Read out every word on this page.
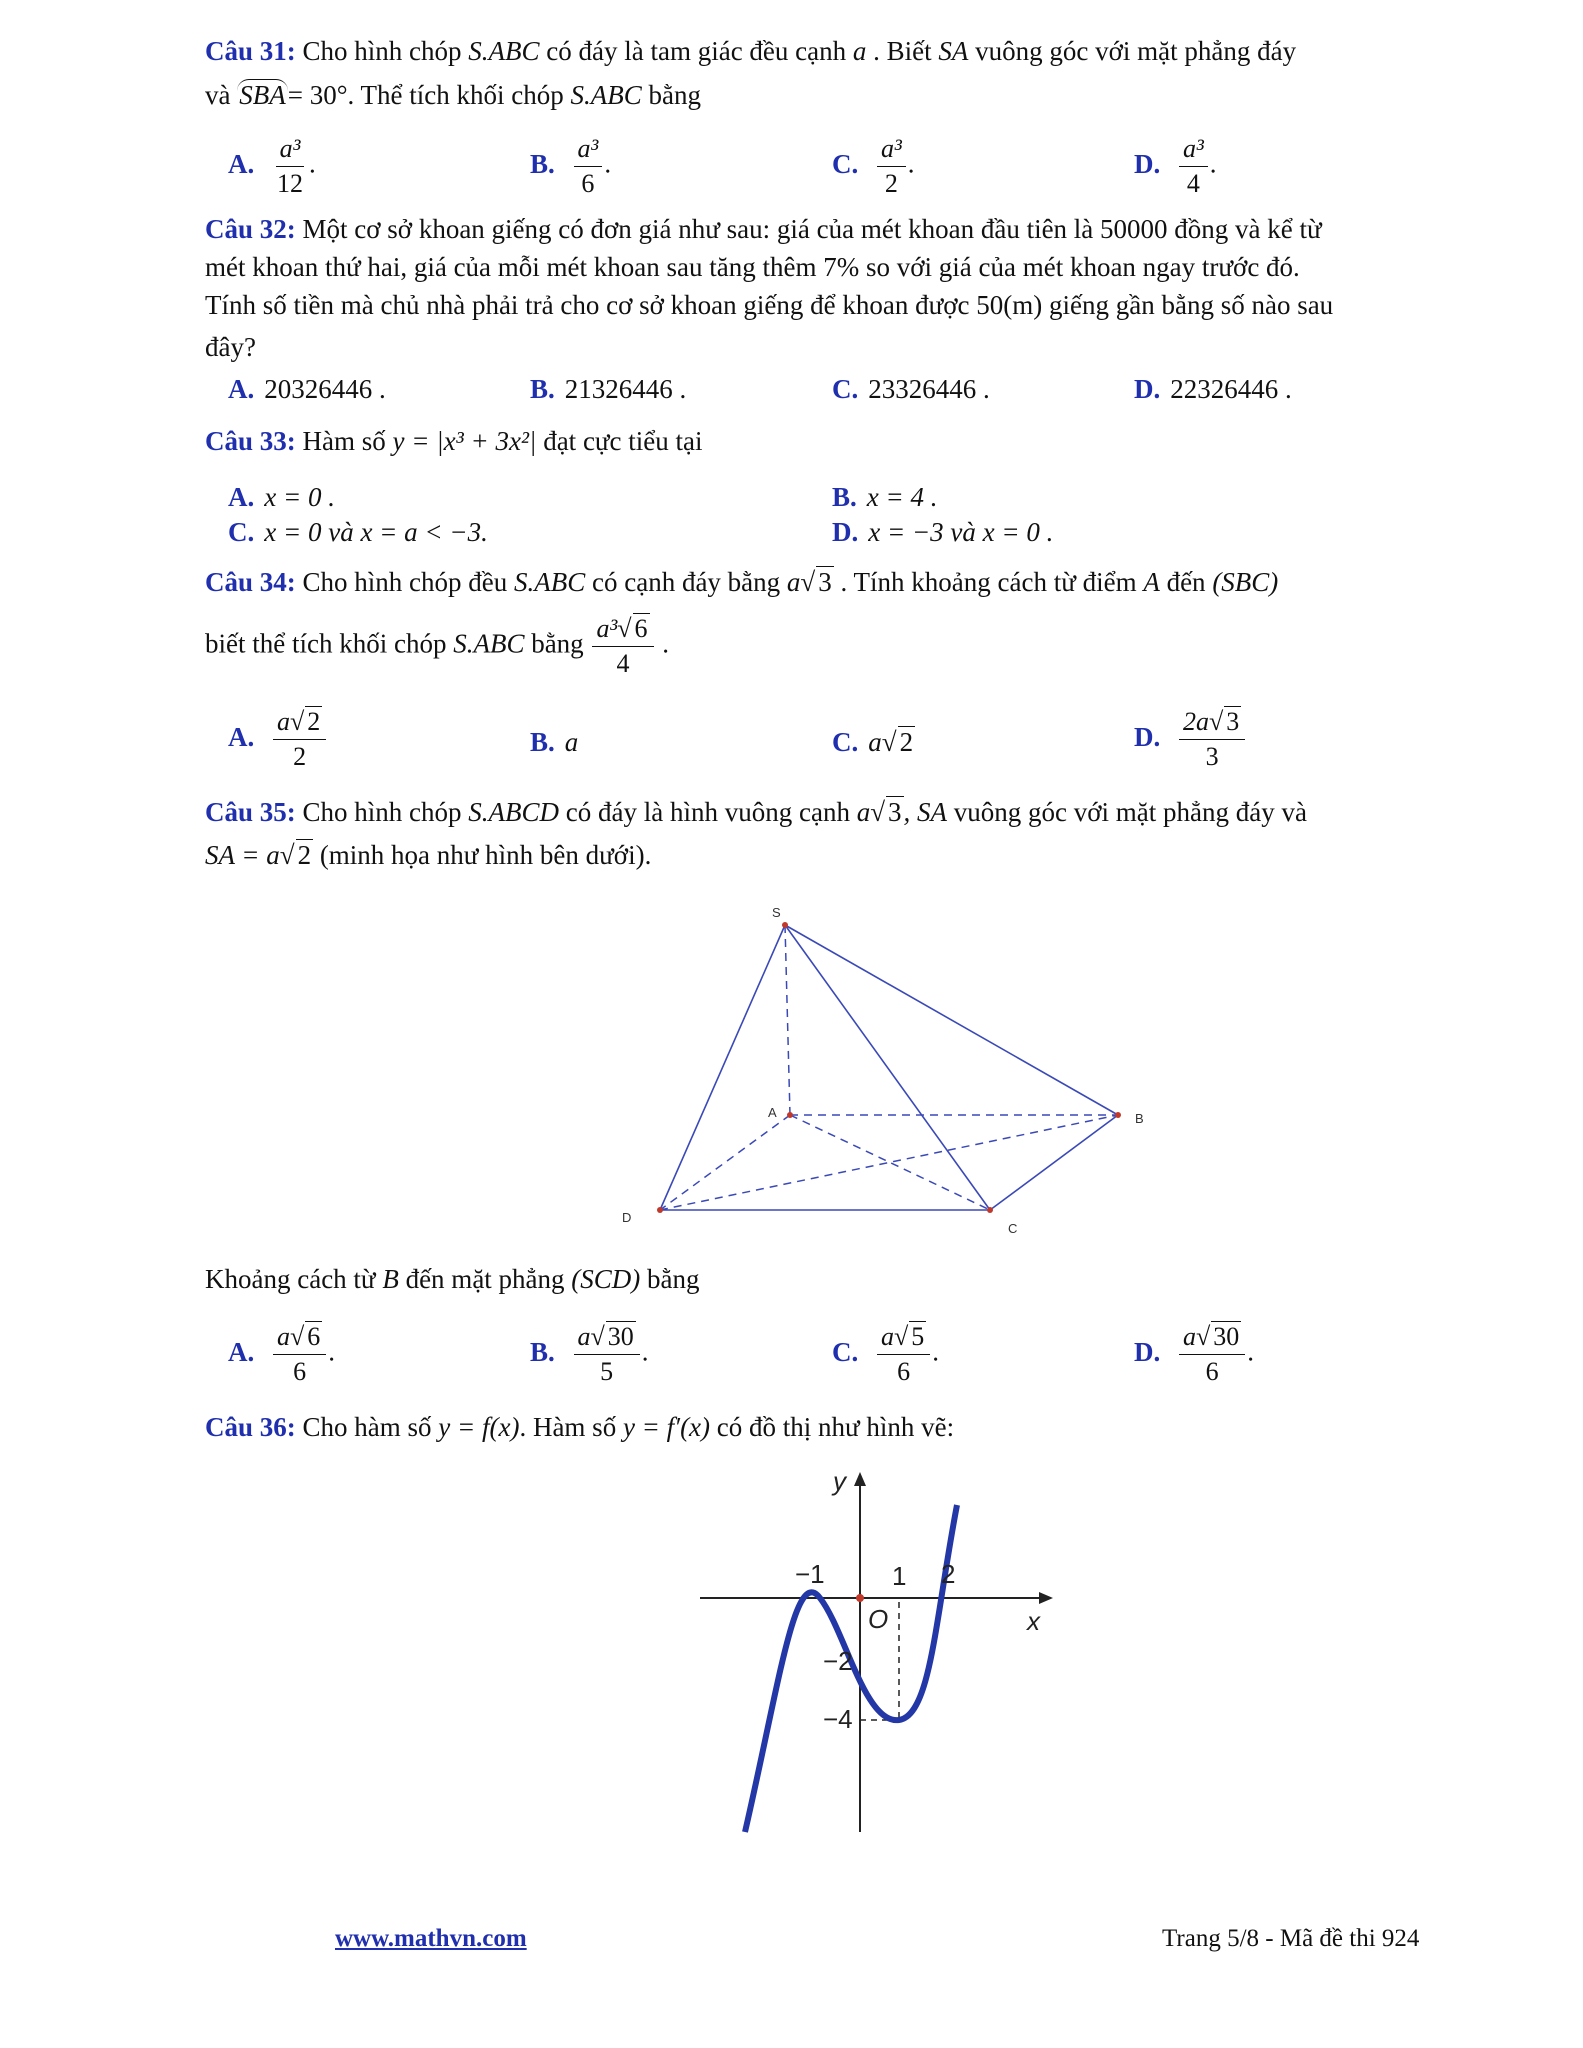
Câu 31: Cho hình chóp S.ABC có đáy là tam giác đều cạnh a . Biết SA vuông góc với mặt phẳng đáy
và SBA= 30°. Thể tích khối chóp S.ABC bằng
A. $\frac{\text{a³}}{12}$ .	B. $\frac{\text{a³}}{6}$ .	C. $\frac{\text{a³}}{2}$ .	D. $\frac{\text{a³}}{4}$ .
Câu 32: Một cơ sở khoan giếng có đơn giá như sau: giá của mét khoan đầu tiên là 50000 đồng và kể từ
mét khoan thứ hai, giá của mỗi mét khoan sau tăng thêm 7% so với giá của mét khoan ngay trước đó.
Tính số tiền mà chủ nhà phải trả cho cơ sở khoan giếng để khoan được 50(m) giếng gần bằng số nào sau
đây?
A. 20326446 .	B. 21326446 .	C. 23326446 .	D. 22326446 .
Câu 33: Hàm số y = |x³ + 3x²| đạt cực tiểu tại
A. x = 0 .	B. x = 4 .
C. x = 0 và x = a < −3.	D. x = −3 và x = 0 .
Câu 34: Cho hình chóp đều S.ABC có cạnh đáy bằng a√ 3 . Tính khoảng cách từ điểm A đến (SBC)
biết thể tích khối chóp S.ABC bằng $\frac{\text{a³√ 6}}{4}$ .
A. $\frac{a√ 2}{2}$	B. a	C. a√ 2	D. $\frac{2a√ 3}{3}$
Câu 35: Cho hình chóp S.ABCD có đáy là hình vuông cạnh a√ 3, SA vuông góc với mặt phẳng đáy và
SA = a√ 2 (minh họa như hình bên dưới).
S
A	B
C
D
Khoảng cách từ B đến mặt phẳng (SCD) bằng
A. $\frac{a√ 6}{6}$ .	B. $\frac{a√ 30}{5}$ .	C. $\frac{a√ 5}{6}$ .	D. $\frac{a√ 30}{6}$ .
Câu 36: Cho hàm số y = f(x). Hàm số y = f′(x) có đồ thị như hình vẽ:
y
x
O
−1	1 2
−2
−4
www.mathvn.com	Trang 5/8 - Mã đề thi 924
